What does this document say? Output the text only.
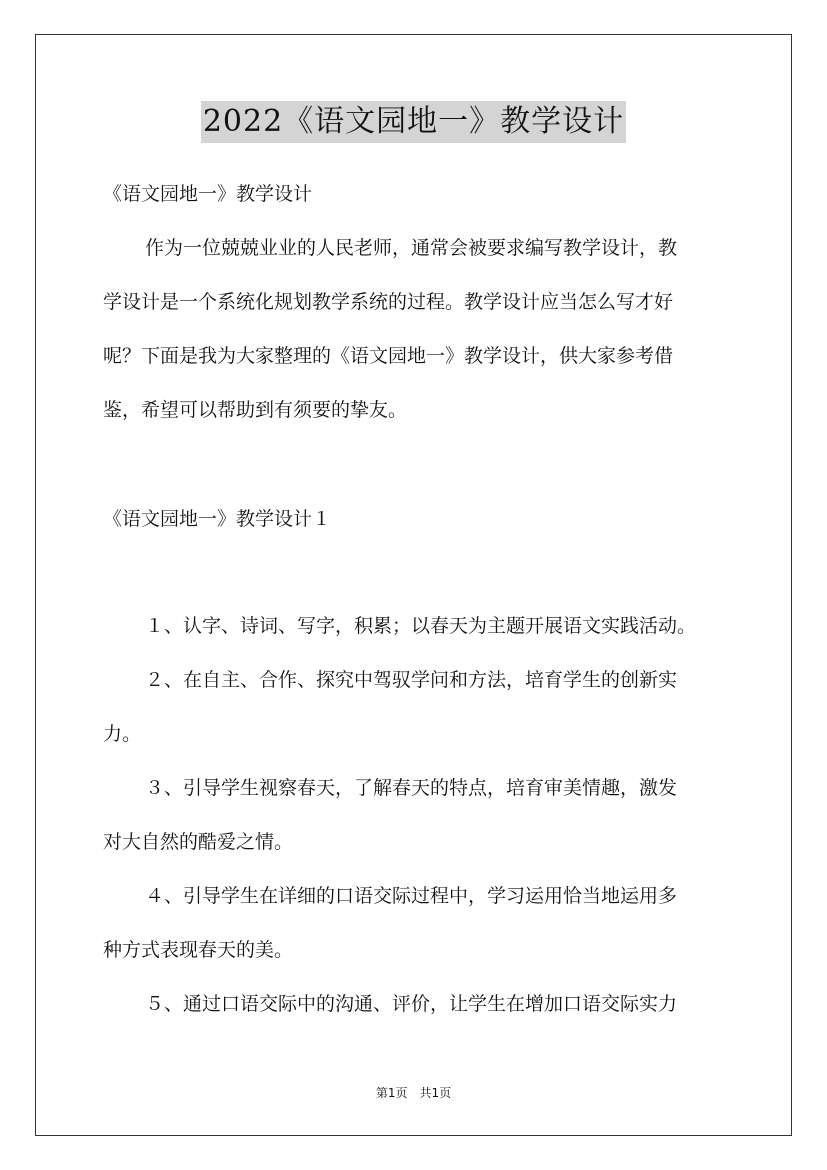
2022《语文园地一》教学设计
《语文园地一》教学设计
作为一位兢兢业业的人民老师，通常会被要求编写教学设计，教
学设计是一个系统化规划教学系统的过程。教学设计应当怎么写才好
呢？下面是我为大家整理的《语文园地一》教学设计，供大家参考借
鉴，希望可以帮助到有须要的挚友。
《语文园地一》教学设计１
１、认字、诗词、写字，积累；以春天为主题开展语文实践活动。
２、在自主、合作、探究中驾驭学问和方法，培育学生的创新实
力。
３、引导学生视察春天，了解春天的特点，培育审美情趣，激发
对大自然的酷爱之情。
４、引导学生在详细的口语交际过程中，学习运用恰当地运用多
种方式表现春天的美。
５、通过口语交际中的沟通、评价，让学生在增加口语交际实力
第1页　共1页
